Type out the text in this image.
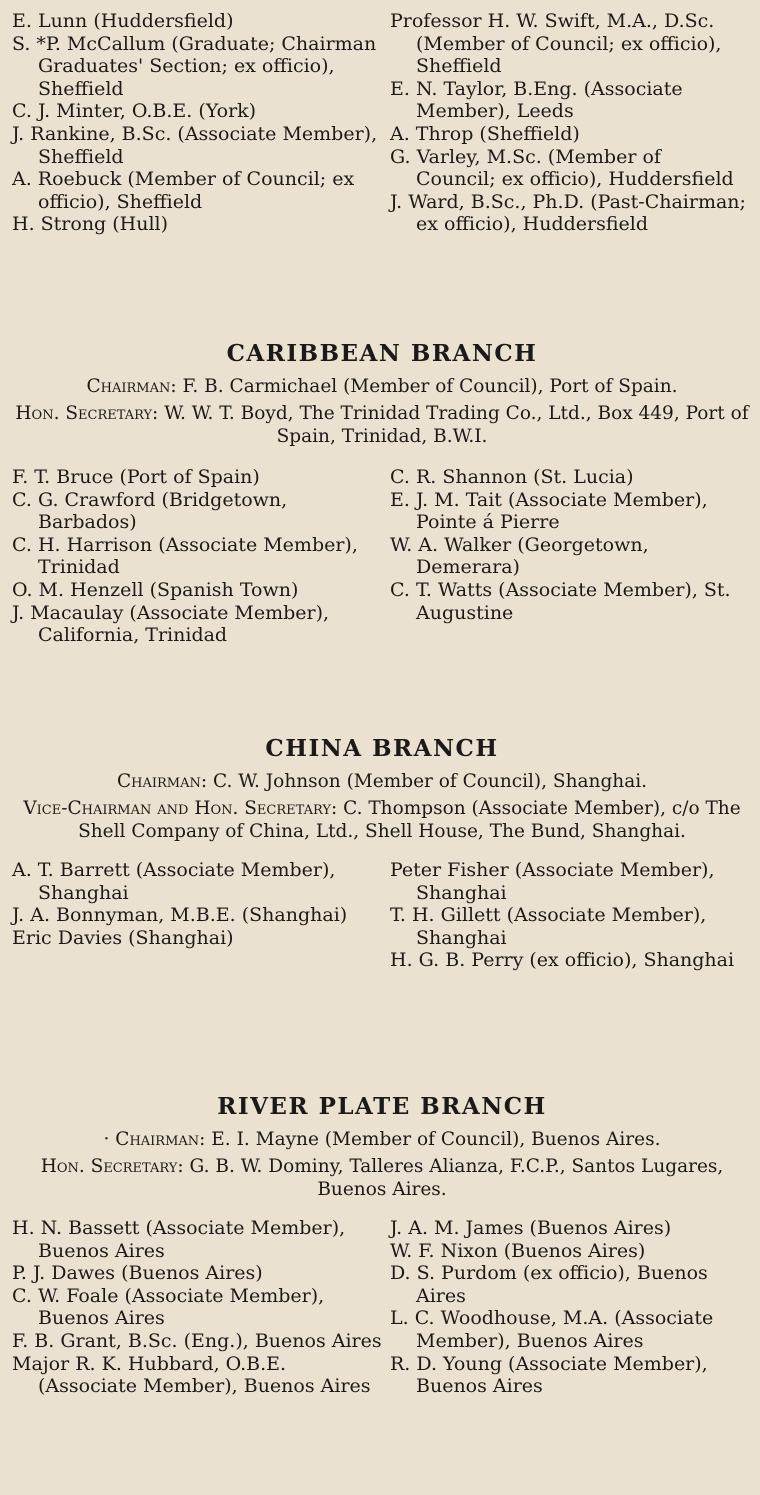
E. Lunn (Huddersfield)
S. *P. McCallum (Graduate; Chairman Graduates' Section; ex officio), Sheffield
C. J. Minter, O.B.E. (York)
J. Rankine, B.Sc. (Associate Member), Sheffield
A. Roebuck (Member of Council; ex officio), Sheffield
H. Strong (Hull)
Professor H. W. Swift, M.A., D.Sc. (Member of Council; ex officio), Sheffield
E. N. Taylor, B.Eng. (Associate Member), Leeds
A. Throp (Sheffield)
G. Varley, M.Sc. (Member of Council; ex officio), Huddersfield
J. Ward, B.Sc., Ph.D. (Past-Chairman; ex officio), Huddersfield
CARIBBEAN BRANCH
Chairman: F. B. Carmichael (Member of Council), Port of Spain.
Hon. Secretary: W. W. T. Boyd, The Trinidad Trading Co., Ltd., Box 449, Port of Spain, Trinidad, B.W.I.
F. T. Bruce (Port of Spain)
C. G. Crawford (Bridgetown, Barbados)
C. H. Harrison (Associate Member), Trinidad
O. M. Henzell (Spanish Town)
J. Macaulay (Associate Member), California, Trinidad
C. R. Shannon (St. Lucia)
E. J. M. Tait (Associate Member), Pointe á Pierre
W. A. Walker (Georgetown, Demerara)
C. T. Watts (Associate Member), St. Augustine
CHINA BRANCH
Chairman: C. W. Johnson (Member of Council), Shanghai.
Vice-Chairman and Hon. Secretary: C. Thompson (Associate Member), c/o The Shell Company of China, Ltd., Shell House, The Bund, Shanghai.
A. T. Barrett (Associate Member), Shanghai
J. A. Bonnyman, M.B.E. (Shanghai)
Eric Davies (Shanghai)
Peter Fisher (Associate Member), Shanghai
T. H. Gillett (Associate Member), Shanghai
H. G. B. Perry (ex officio), Shanghai
RIVER PLATE BRANCH
· Chairman: E. I. Mayne (Member of Council), Buenos Aires.
Hon. Secretary: G. B. W. Dominy, Talleres Alianza, F.C.P., Santos Lugares, Buenos Aires.
H. N. Bassett (Associate Member), Buenos Aires
P. J. Dawes (Buenos Aires)
C. W. Foale (Associate Member), Buenos Aires
F. B. Grant, B.Sc. (Eng.), Buenos Aires
Major R. K. Hubbard, O.B.E. (Associate Member), Buenos Aires
J. A. M. James (Buenos Aires)
W. F. Nixon (Buenos Aires)
D. S. Purdom (ex officio), Buenos Aires
L. C. Woodhouse, M.A. (Associate Member), Buenos Aires
R. D. Young (Associate Member), Buenos Aires
